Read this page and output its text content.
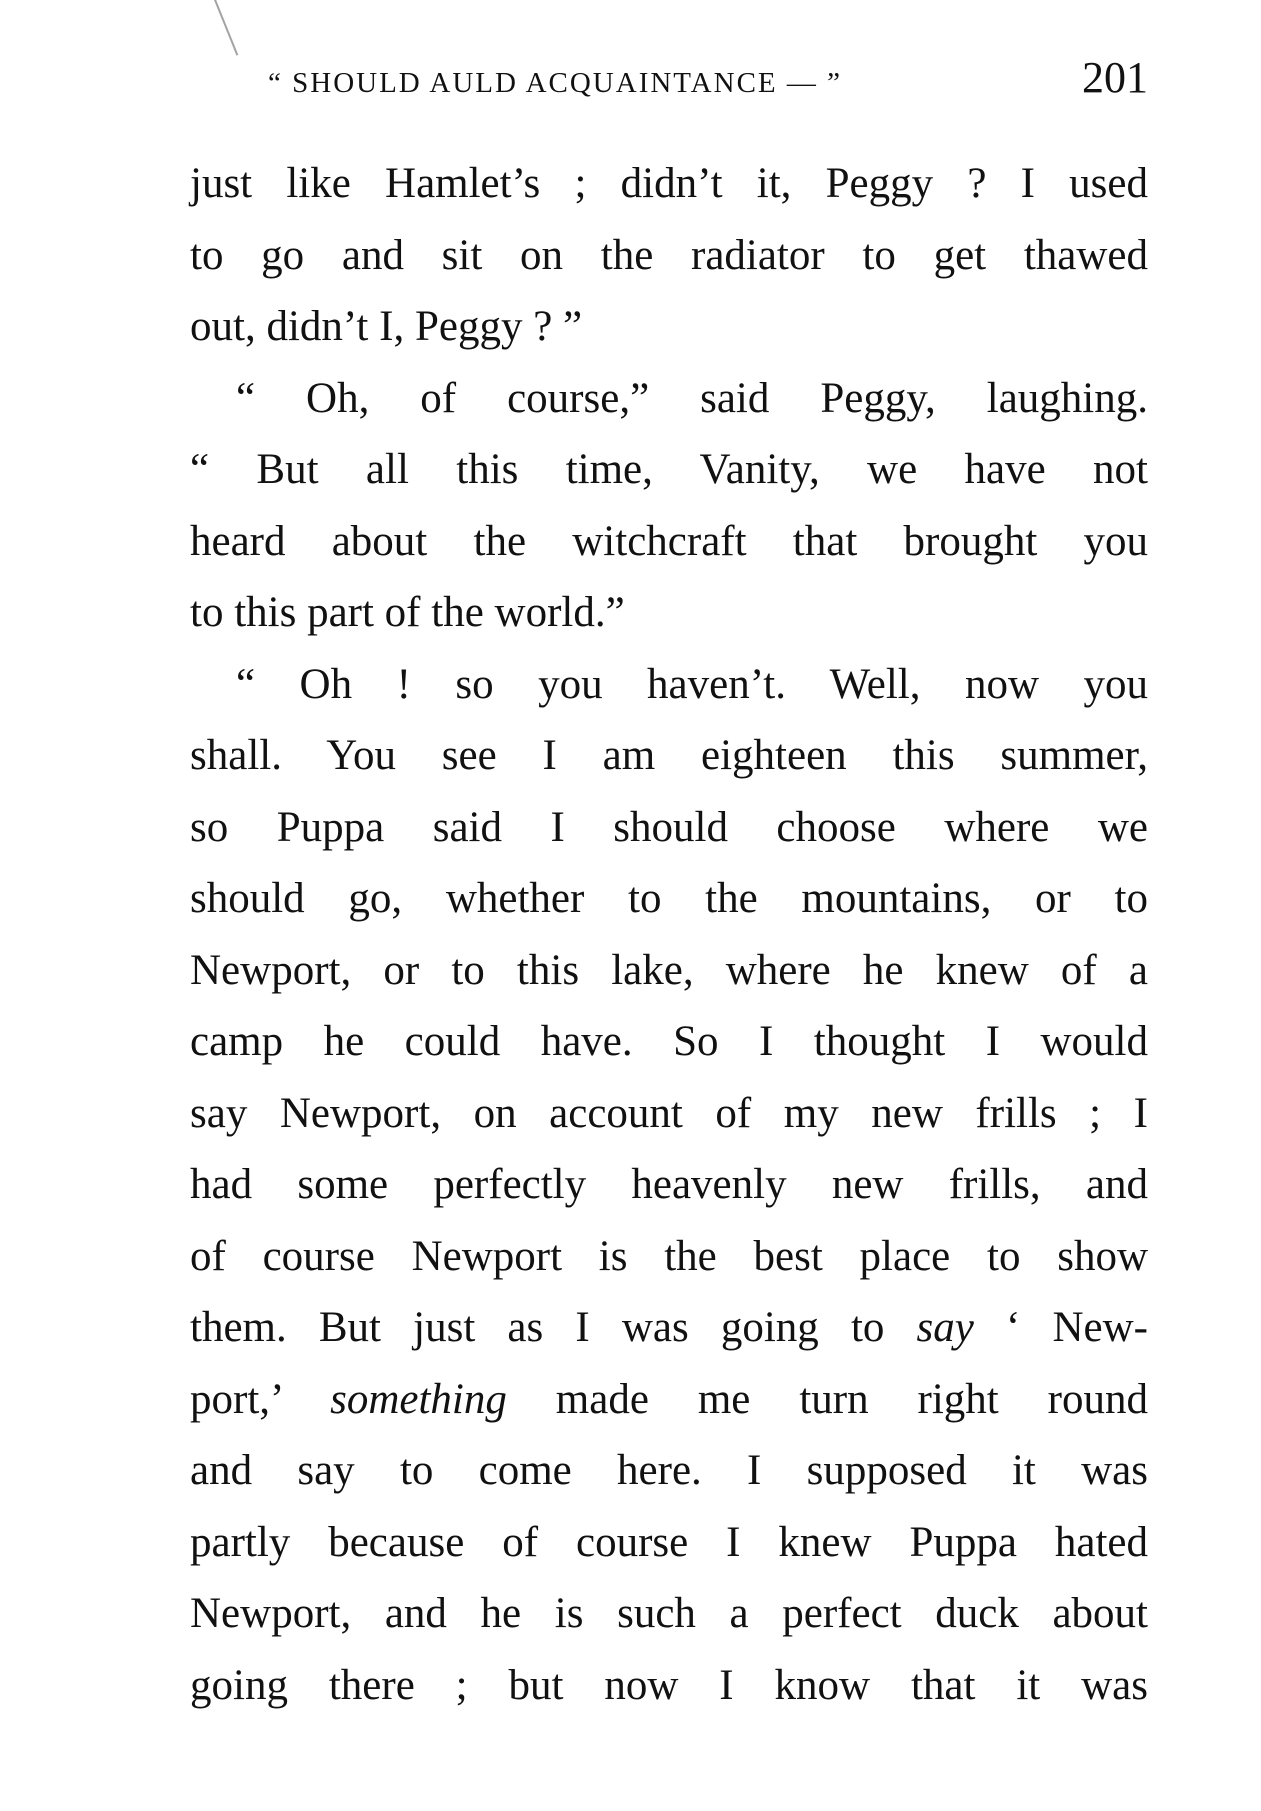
“ SHOULD AULD ACQUAINTANCE — ”	201
just like Hamlet’s ; didn’t it, Peggy ? I used
to go and sit on the radiator to get thawed
out, didn’t I, Peggy ? ”
“ Oh, of course,” said Peggy, laughing.
“ But all this time, Vanity, we have not
heard about the witchcraft that brought you
to this part of the world.”
“ Oh ! so you haven’t. Well, now you
shall. You see I am eighteen this summer,
so Puppa said I should choose where we
should go, whether to the mountains, or to
Newport, or to this lake, where he knew of a
camp he could have. So I thought I would
say Newport, on account of my new frills ; I
had some perfectly heavenly new frills, and
of course Newport is the best place to show
them. But just as I was going to say ‘ New-
port,’ something made me turn right round
and say to come here. I supposed it was
partly because of course I knew Puppa hated
Newport, and he is such a perfect duck about
going there ; but now I know that it was
